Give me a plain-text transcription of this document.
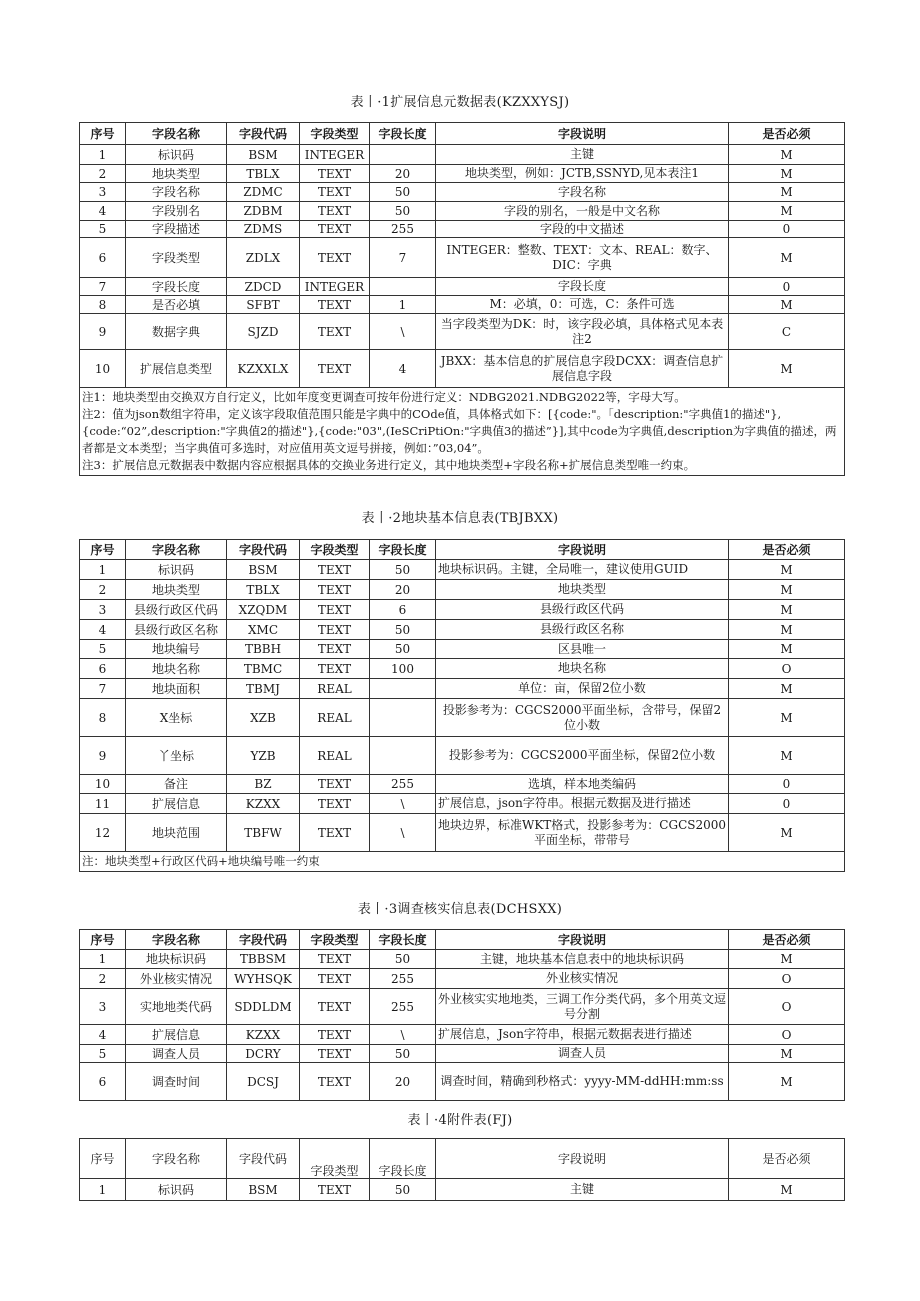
表丨·1扩展信息元数据表(KZXXYSJ)
序号	字段名称	字段代码	字段类型	字段长度	字段说明	是否必须
1	标识码	BSM	INTEGER		主键	M
2	地块类型	TBLX	TEXT	20	地块类型，例如：JCTB,SSNYD,见本表注1	M
3	字段名称	ZDMC	TEXT	50	字段名称	M
4	字段别名	ZDBM	TEXT	50	字段的别名，一般是中文名称	M
5	字段描述	ZDMS	TEXT	255	字段的中文描述	0
6	字段类型	ZDLX	TEXT	7	INTEGER：整数、TEXT：文本、REAL：数字、DIC：字典	M
7	字段长度	ZDCD	INTEGER		字段长度	0
8	是否必填	SFBT	TEXT	1	M：必填，0：可选，C：条件可选	M
9	数据字典	SJZD	TEXT	\	当字段类型为DK：时，该字段必填，具体格式见本表注2	C
10	扩展信息类型	KZXXLX	TEXT	4	JBXX：基本信息的扩展信息字段DCXX：调查信息扩展信息字段	M

注1：地块类型由交换双方自行定义，比如年度变更调查可按年份进行定义：NDBG2021.NDBG2022等，字母大写。
注2：值为json数组字符串，定义该字段取值范围只能是字典中的COde值，具体格式如下：[{code:"。「description:"字典值1的描述"},{code:“02”,description:"字典值2的描述"},{code:"03",(IeSCriPtiOn:"字典值3的描述”}],其中code为字典值,description为字典值的描述，两者都是文本类型；当字典值可多选时，对应值用英文逗号拼接，例如：”03,04”。
注3：扩展信息元数据表中数据内容应根据具体的交换业务进行定义，其中地块类型+字段名称+扩展信息类型唯一约束。						
表丨·2地块基本信息表(TBJBXX)
序号	字段名称	字段代码	字段类型	字段长度	字段说明	是否必须
1	标识码	BSM	TEXT	50	地块标识码。主键，全局唯一，建议使用GUID	M
2	地块类型	TBLX	TEXT	20	地块类型	M
3	县级行政区代码	XZQDM	TEXT	6	县级行政区代码	M
4	县级行政区名称	XMC	TEXT	50	县级行政区名称	M
5	地块编号	TBBH	TEXT	50	区县唯一	M
6	地块名称	TBMC	TEXT	100	地块名称	O
7	地块面积	TBMJ	REAL		单位：亩，保留2位小数	M
8	X坐标	XZB	REAL		投影参考为：CGCS2000平面坐标，含带号，保留2位小数	M
9	丫坐标	YZB	REAL		投影参考为：CGCS2000平面坐标，保留2位小数	M
10	备注	BZ	TEXT	255	选填，样本地类编码	0
11	扩展信息	KZXX	TEXT	\	扩展信息，json字符串。根据元数据及进行描述	0
12	地块范围	TBFW	TEXT	\	地块边界，标准WKT格式，投影参考为：CGCS2000平面坐标，带带号	M
注：地块类型+行政区代码+地块编号唯一约束						
表丨·3调查核实信息表(DCHSXX)
序号	字段名称	字段代码	字段类型	字段长度	字段说明	是否必须
1	地块标识码	TBBSM	TEXT	50	主键，地块基本信息表中的地块标识码	M
2	外业核实情况	WYHSQK	TEXT	255	外业核实情况	O
3	实地地类代码	SDDLDM	TEXT	255	外业核实实地地类，三调工作分类代码，多个用英文逗号分割	O
4	扩展信息	KZXX	TEXT	\	扩展信息，Json字符串，根据元数据表进行描述	O
5	调查人员	DCRY	TEXT	50	调查人员	M
6	调查时间	DCSJ	TEXT	20	调查时间，精确到秒格式：yyyy-MM-ddHH:mm:ss	M
表丨·4附件表(FJ)
序号	字段名称	字段代码	字段类型	字段长度	字段说明	是否必须
1	标识码	BSM	TEXT	50	主键	M
